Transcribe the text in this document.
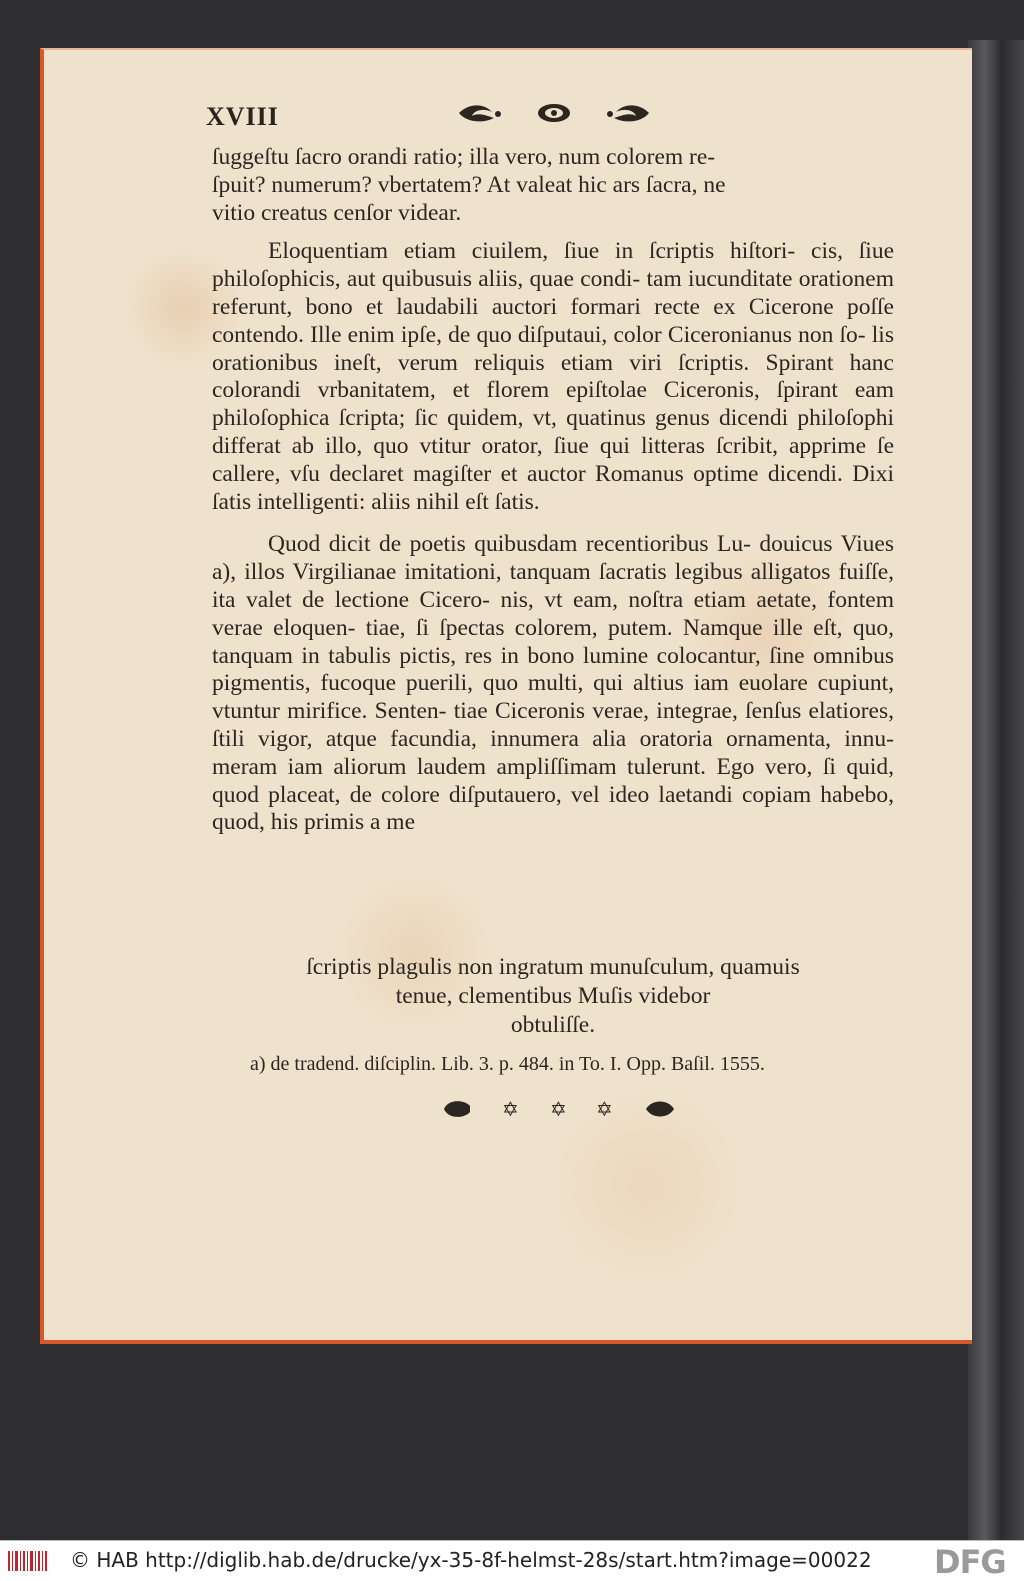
XVIII

ſuggeſtu ſacro orandi ratio; illa vero, num colorem re-
ſpuit? numerum? vbertatem? At valeat hic ars ſacra, ne
vitio creatus cenſor videar.

Eloquentiam etiam ciuilem, ſiue in ſcriptis hiſtori- cis, ſiue philoſophicis, aut quibusuis aliis, quae condi- tam iucunditate orationem referunt, bono et laudabili auctori formari recte ex Cicerone poſſe contendo. Ille enim ipſe, de quo diſputaui, color Ciceronianus non ſo- lis orationibus ineſt, verum reliquis etiam viri ſcriptis. Spirant hanc colorandi vrbanitatem, et florem epiſtolae Ciceronis, ſpirant eam philoſophica ſcripta; ſic quidem, vt, quatinus genus dicendi philoſophi differat ab illo, quo vtitur orator, ſiue qui litteras ſcribit, apprime ſe callere, vſu declaret magiſter et auctor Romanus optime dicendi. Dixi ſatis intelligenti: aliis nihil eſt ſatis.

Quod dicit de poetis quibusdam recentioribus Lu- douicus Viues a), illos Virgilianae imitationi, tanquam ſacratis legibus alligatos fuiſſe, ita valet de lectione Cicero- nis, vt eam, noſtra etiam aetate, fontem verae eloquen- tiae, ſi ſpectas colorem, putem. Namque ille eſt, quo, tanquam in tabulis pictis, res in bono lumine colocantur, ſine omnibus pigmentis, fucoque puerili, quo multi, qui altius iam euolare cupiunt, vtuntur mirifice. Senten- tiae Ciceronis verae, integrae, ſenſus elatiores, ſtili vigor, atque facundia, innumera alia oratoria ornamenta, innu- meram iam aliorum laudem ampliſſimam tulerunt. Ego vero, ſi quid, quod placeat, de colore diſputauero, vel ideo laetandi copiam habebo, quod, his primis a me

ſcriptis plagulis non ingratum munuſculum, quamuis
tenue, clementibus Muſis videbor
obtuliſſe.
a) de tradend. diſciplin. Lib. 3. p. 484. in To. I. Opp. Baſil. 1555.
✡ ✡ ✡
© HAB http://diglib.hab.de/drucke/yx-35-8f-helmst-28s/start.htm?image=00022 DFG
